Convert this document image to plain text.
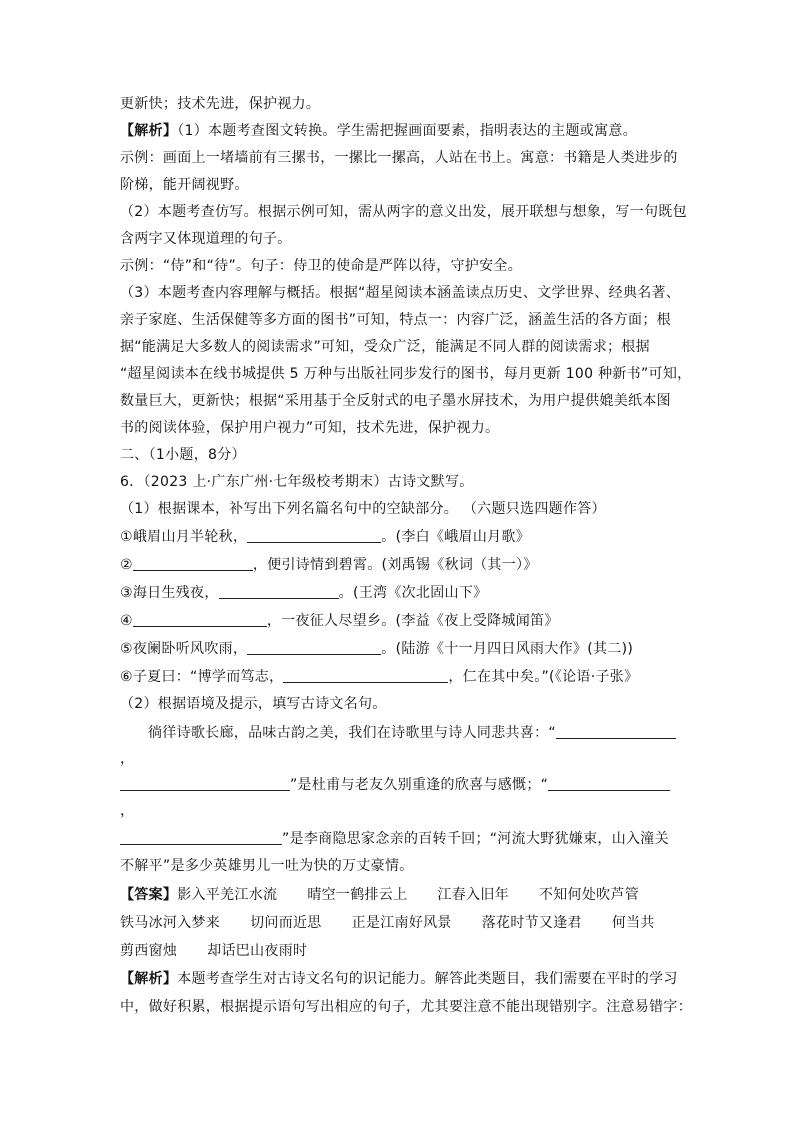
更新快；技术先进，保护视力。
【解析】（1）本题考查图文转换。学生需把握画面要素，指明表达的主题或寓意。
示例：画面上一堵墙前有三摞书，一摞比一摞高，人站在书上。寓意：书籍是人类进步的
阶梯，能开阔视野。
（2）本题考查仿写。根据示例可知，需从两字的意义出发，展开联想与想象，写一句既包
含两字又体现道理的句子。
示例：“侍”和“待”。句子：侍卫的使命是严阵以待，守护安全。
（3）本题考查内容理解与概括。根据“超星阅读本涵盖读点历史、文学世界、经典名著、
亲子家庭、生活保健等多方面的图书”可知，特点一：内容广泛，涵盖生活的各方面；根
据“能满足大多数人的阅读需求”可知，受众广泛，能满足不同人群的阅读需求；根据
“超星阅读本在线书城提供 5 万种与出版社同步发行的图书，每月更新 100 种新书”可知，
数量巨大，更新快；根据“采用基于全反射式的电子墨水屏技术，为用户提供媲美纸本图
书的阅读体验，保护用户视力”可知，技术先进，保护视力。
二、（1小题，8分）
6．（2023 上·广东广州·七年级校考期末）古诗文默写。
（1）根据课本，补写出下列名篇名句中的空缺部分。 （六题只选四题作答）
①峨眉山月半轮秋，	。(李白《峨眉山月歌》
②	，便引诗情到碧霄。(刘禹锡《秋词（其一）》
③海日生残夜，	。(王湾《次北固山下》
④	，一夜征人尽望乡。(李益《夜上受降城闻笛》
⑤夜阑卧听风吹雨，	。(陆游《十一月四日风雨大作》(其二))
⑥子夏曰：“博学而笃志，	，仁在其中矣。”(《论语·子张》
（2）根据语境及提示，填写古诗文名句。
徜徉诗歌长廊，品味古韵之美，我们在诗歌里与诗人同悲共喜：“
，
”是杜甫与老友久别重逢的欣喜与感慨；“
，
”是李商隐思家念亲的百转千回；“河流大野犹嫌束，山入潼关
不解平”是多少英雄男儿一吐为快的万丈豪情。
【答案】影入平羌江水流 晴空一鹤排云上 江春入旧年 不知何处吹芦管
铁马冰河入梦来 切问而近思 正是江南好风景 落花时节又逢君 何当共
剪西窗烛 却话巴山夜雨时
【解析】本题考查学生对古诗文名句的识记能力。解答此类题目，我们需要在平时的学习
中，做好积累，根据提示语句写出相应的句子，尤其要注意不能出现错别字。注意易错字：
